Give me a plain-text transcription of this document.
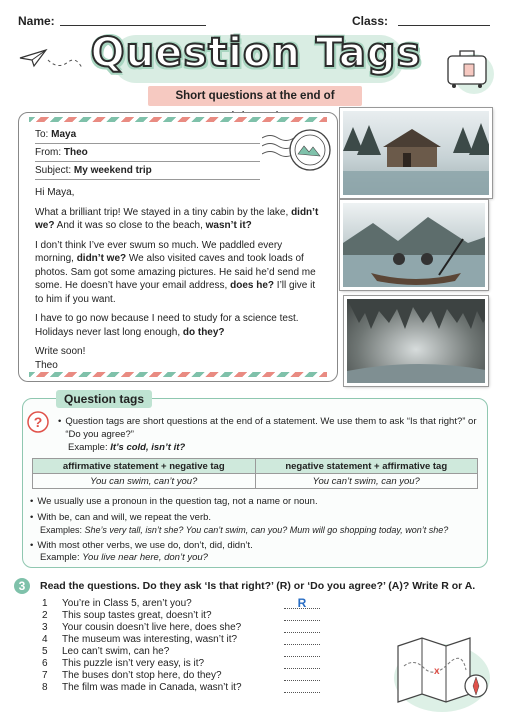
Name:	Class:
Question Tags
Short questions at the end of
To: Maya
From: Theo
Subject: My weekend trip

Hi Maya,

What a brilliant trip! We stayed in a tiny cabin by the lake, didn’t we? And it was so close to the beach, wasn’t it?

I don’t think I’ve ever swum so much. We paddled every morning, didn’t we? We also visited caves and took loads of photos. Sam got some amazing pictures. He said he’d send me some. He doesn’t have your email address, does he? I’ll give it to him if you want.

I have to go now because I need to study for a science test. Holidays never last long enough, do they?

Write soon!
Theo

Question tags
? • Question tags are short questions at the end of a statement. We use them to ask “Is that right?” or “Do you agree?”
Example: It’s cold, isn’t it?
affirmative statement + negative tag	negative statement + affirmative tag
You can swim, can’t you?	You can’t swim, can you?
• We usually use a pronoun in the question tag, not a name or noun.
• With be, can and will, we repeat the verb.
Examples: She’s very tall, isn’t she? You can’t swim, can you? Mum will go shopping today, won’t she?
• With most other verbs, we use do, don’t, did, didn’t.
Example: You live near here, don’t you?
3	Read the questions. Do they ask ‘Is that right?’ (R) or ‘Do you agree?’ (A)? Write R or A.
1	You’re in Class 5, aren’t you?	R
2	This soup tastes great, doesn’t it?
3	Your cousin doesn’t live here, does she?
4	The museum was interesting, wasn’t it?
5	Leo can’t swim, can he?
6	This puzzle isn’t very easy, is it?
7	The buses don’t stop here, do they?
8	The film was made in Canada, wasn’t it?
x
